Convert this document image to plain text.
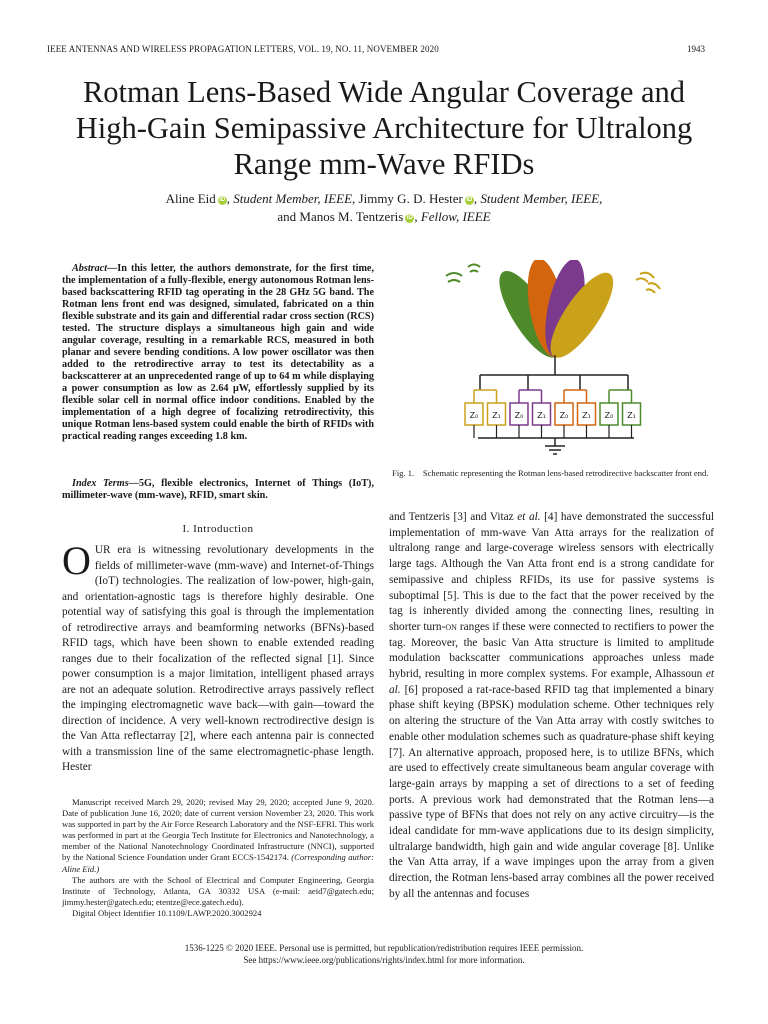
IEEE ANTENNAS AND WIRELESS PROPAGATION LETTERS, VOL. 19, NO. 11, NOVEMBER 2020	1943
Rotman Lens-Based Wide Angular Coverage and
High-Gain Semipassive Architecture for Ultralong
Range mm-Wave RFIDs
Aline Eid iD , Student Member, IEEE, Jimmy G. D. Hester iD , Student Member, IEEE,
and Manos M. Tentzeris iD , Fellow, IEEE
Abstract—In this letter, the authors demonstrate, for the first time, the implementation of a fully-flexible, energy autonomous Rotman lens-based backscattering RFID tag operating in the 28 GHz 5G band. The Rotman lens front end was designed, simulated, fabricated on a thin flexible substrate and its gain and differential radar cross section (RCS) tested. The structure displays a simultaneous high gain and wide angular coverage, resulting in a remarkable RCS, measured in both planar and severe bending conditions. A low power oscillator was then added to the retrodirective array to test its detectability as a backscatterer at an unprecedented range of up to 64 m while displaying a power consumption as low as 2.64 μW, effortlessly supplied by its flexible solar cell in normal office indoor conditions. Enabled by the implementation of a high degree of focalizing retrodirectivity, this unique Rotman lens-based system could enable the birth of RFIDs with practical reading ranges exceeding 1.8 km.
Index Terms—5G, flexible electronics, Internet of Things (IoT), millimeter-wave (mm-wave), RFID, smart skin.
I. Introduction
OUR era is witnessing revolutionary developments in the fields of millimeter-wave (mm-wave) and Internet-of-Things (IoT) technologies. The realization of low-power, high-gain, and orientation-agnostic tags is therefore highly desirable. One potential way of satisfying this goal is through the implementation of retrodirective arrays and beamforming networks (BFNs)-based RFID tags, which have been shown to enable extended reading ranges due to their focalization of the reflected signal [1]. Since power consumption is a major limitation, intelligent phased arrays are not an adequate solution. Retrodirective arrays passively reflect the impinging electromagnetic wave back—with gain—toward the direction of incidence. A very well-known rectrodirective design is the Van Atta reflectarray [2], where each antenna pair is connected with a transmission line of the same electromagnetic-phase length. Hester

Manuscript received March 29, 2020; revised May 29, 2020; accepted June 9, 2020. Date of publication June 16, 2020; date of current version November 23, 2020. This work was supported in part by the Air Force Research Laboratory and the NSF-EFRI. This work was performed in part at the Georgia Tech Institute for Electronics and Nanotechnology, a member of the National Nanotechnology Coordinated Infrastructure (NNCI), supported by the National Science Foundation under Grant ECCS-1542174. (Corresponding author: Aline Eid.)

The authors are with the School of Electrical and Computer Engineering, Georgia Institute of Technology, Atlanta, GA 30332 USA (e-mail: aeid7@gatech.edu; jimmy.hester@gatech.edu; etentze@ece.gatech.edu).

Digital Object Identifier 10.1109/LAWP.2020.3002924

Z₀ Z₁ Z₀ Z₁ Z₀ Z₁ Z₀ Z₁
Fig. 1. Schematic representing the Rotman lens-based retrodirective backscatter front end.
and Tentzeris [3] and Vitaz et al. [4] have demonstrated the successful implementation of mm-wave Van Atta arrays for the realization of ultralong range and large-coverage wireless sensors with electrically large tags. Although the Van Atta front end is a strong candidate for semipassive and chipless RFIDs, its use for passive systems is suboptimal [5]. This is due to the fact that the power received by the tag is inherently divided among the connecting lines, resulting in shorter turn-on ranges if these were connected to rectifiers to power the tag. Moreover, the basic Van Atta structure is limited to amplitude modulation backscatter communications approaches unless made hybrid, resulting in more complex systems. For example, Alhassoun et al. [6] proposed a rat-race-based RFID tag that implemented a binary phase shift keying (BPSK) modulation scheme. Other techniques rely on altering the structure of the Van Atta array with costly switches to enable other modulation schemes such as quadrature-phase shift keying [7]. An alternative approach, proposed here, is to utilize BFNs, which are used to effectively create simultaneous beam angular coverage with large-gain arrays by mapping a set of directions to a set of feeding ports. A previous work had demonstrated that the Rotman lens—a passive type of BFNs that does not rely on any active circuitry—is the ideal candidate for mm-wave applications due to its design simplicity, ultralarge bandwidth, high gain and wide angular coverage [8]. Unlike the Van Atta array, if a wave impinges upon the array from a given direction, the Rotman lens-based array combines all the power received by all the antennas and focuses
1536-1225 © 2020 IEEE. Personal use is permitted, but republication/redistribution requires IEEE permission.
See https://www.ieee.org/publications/rights/index.html for more information.
